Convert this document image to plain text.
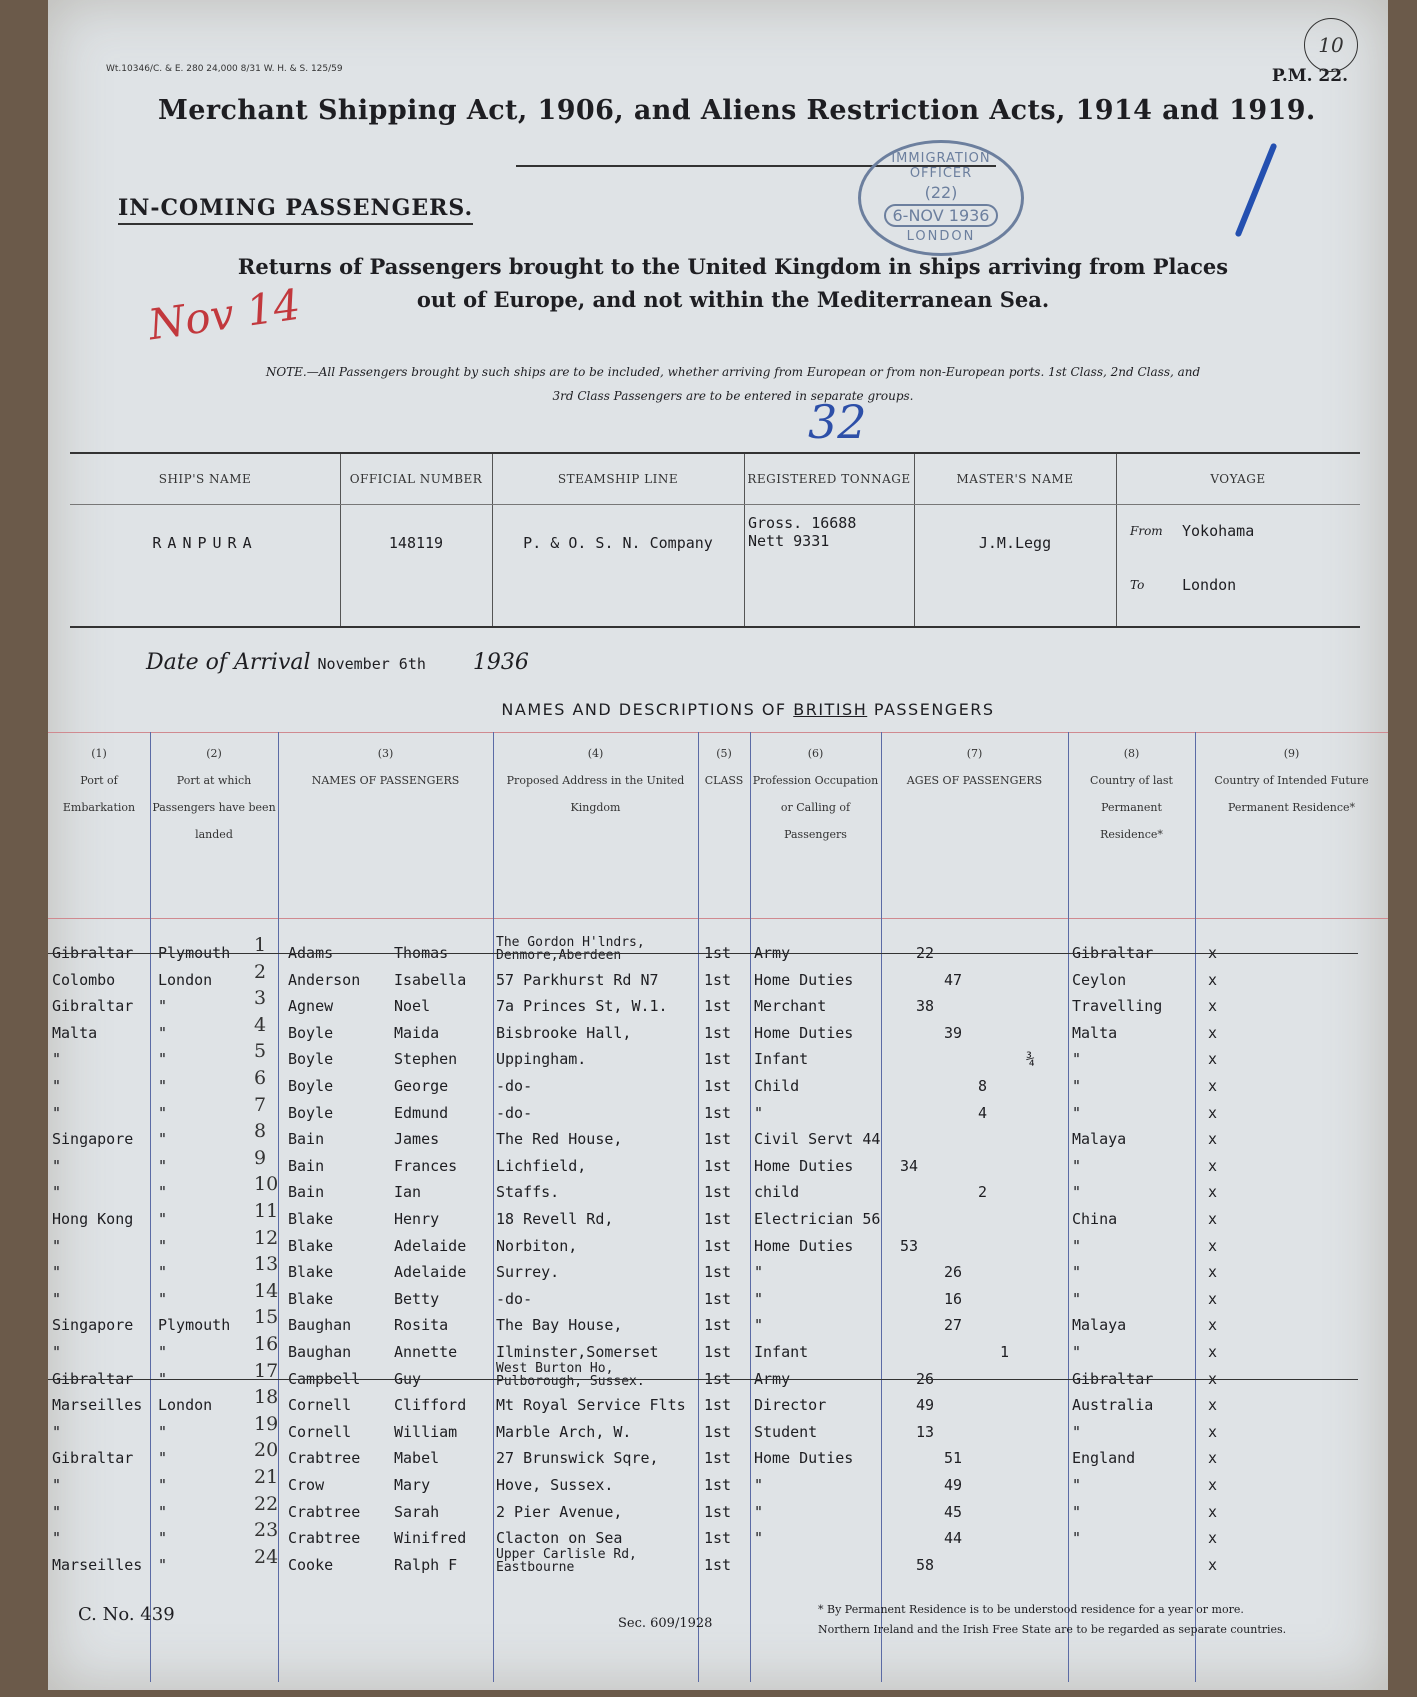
Wt.10346/C. & E. 280 24,000 8/31 W. H. & S. 125/59	P.M. 22.
10
Merchant Shipping Act, 1906, and Aliens Restriction Acts, 1914 and 1919.
IN-COMING PASSENGERS.
IMMIGRATION OFFICER
(22)
6-NOV 1936
LONDON
Returns of Passengers brought to the United Kingdom in ships arriving from Places
out of Europe, and not within the Mediterranean Sea.
Nov 14
NOTE.—All Passengers brought by such ships are to be included, whether arriving from European or from non-European ports. 1st Class, 2nd Class, and
3rd Class Passengers are to be entered in separate groups.
32
SHIP'S NAME
RANPURA
OFFICIAL NUMBER
148119
STEAMSHIP LINE
P. & O. S. N. Company
REGISTERED TONNAGE
Gross. 16688
Nett 9331
MASTER'S NAME
J.M.Legg
VOYAGE
From Yokohama
To	London
Date of Arrival November 6th 1936
NAMES AND DESCRIPTIONS OF BRITISH PASSENGERS
(1)
Port of Embarkation
(2)
Port at which Passengers have been landed
(3)
NAMES OF PASSENGERS
(4)
Proposed Address in the United Kingdom
(5)
CLASS
(6)
Profession Occupation or Calling of Passengers
(7)
AGES OF PASSENGERS
(8)
Country of last Permanent Residence*
(9)
Country of Intended Future Permanent Residence*
Gibraltar Plymouth 1 Adams	Thomas
The Gordon H'lndrs, Denmore,Aberdeen	1st Army	22	Gibraltar	x
Colombo	London 2 Anderson Isabella 57 Parkhurst Rd N7	1st Home Duties	47	Ceylon	x
Gibraltar "	3 Agnew	Noel	7a Princes St, W.1. 1st Merchant	38	Travelling	x
Malta	"	4 Boyle	Maida	Bisbrooke Hall,	1st Home Duties	39	Malta	x
"	"	5 Boyle	Stephen	Uppingham.	1st Infant	¾ "	x
"	"	6 Boyle	George	-do-	1st Child	8	"	x
"	"	7 Boyle	Edmund	-do-	1st "	4	"	x
Singapore "	8 Bain	James	The Red House,	1st Civil Servt 44	Malaya	x
"	"	9 Bain	Frances	Lichfield,	1st Home Duties	34	"	x
"	"	10 Bain	Ian	Staffs.	1st child	2	"	x
Hong Kong "	11 Blake	Henry	18 Revell Rd,	1st Electrician 56	China	x
"	"	12 Blake	Adelaide Norbiton,	1st Home Duties	53	"	x
"	"	13 Blake	Adelaide Surrey.	1st "	26	"	x
"	"	14 Blake	Betty	-do-	1st "	16	"	x
Singapore Plymouth 15 Baughan	Rosita	The Bay House,	1st "	27	Malaya	x
"	"	16 Baughan	Annette	Ilminster,Somerset	1st Infant	1	"	x
Gibraltar "	17 Campbell Guy
West Burton Ho, Pulborough, Sussex.	1st Army	26	Gibraltar	x
Marseilles London 18 Cornell	Clifford Mt Royal Service Flts 1st Director	49	Australia	x
"	"	19 Cornell	William	Marble Arch, W.	1st Student	13	"	x
Gibraltar "	20 Crabtree Mabel	27 Brunswick Sqre,	1st Home Duties	51	England	x
"	"	21 Crow	Mary	Hove, Sussex.	1st "	49	"	x
"	"	22 Crabtree Sarah	2 Pier Avenue,	1st "	45	"	x
"	"	23 Crabtree Winifred Clacton on Sea	1st "	44	"	x
Marseilles "	24 Cooke	Ralph F
Upper Carlisle Rd, Eastbourne	1st	58	x
C. No. 439	Sec. 609/1928
* By Permanent Residence is to be understood residence for a year or more.
Northern Ireland and the Irish Free State are to be regarded as separate countries.
